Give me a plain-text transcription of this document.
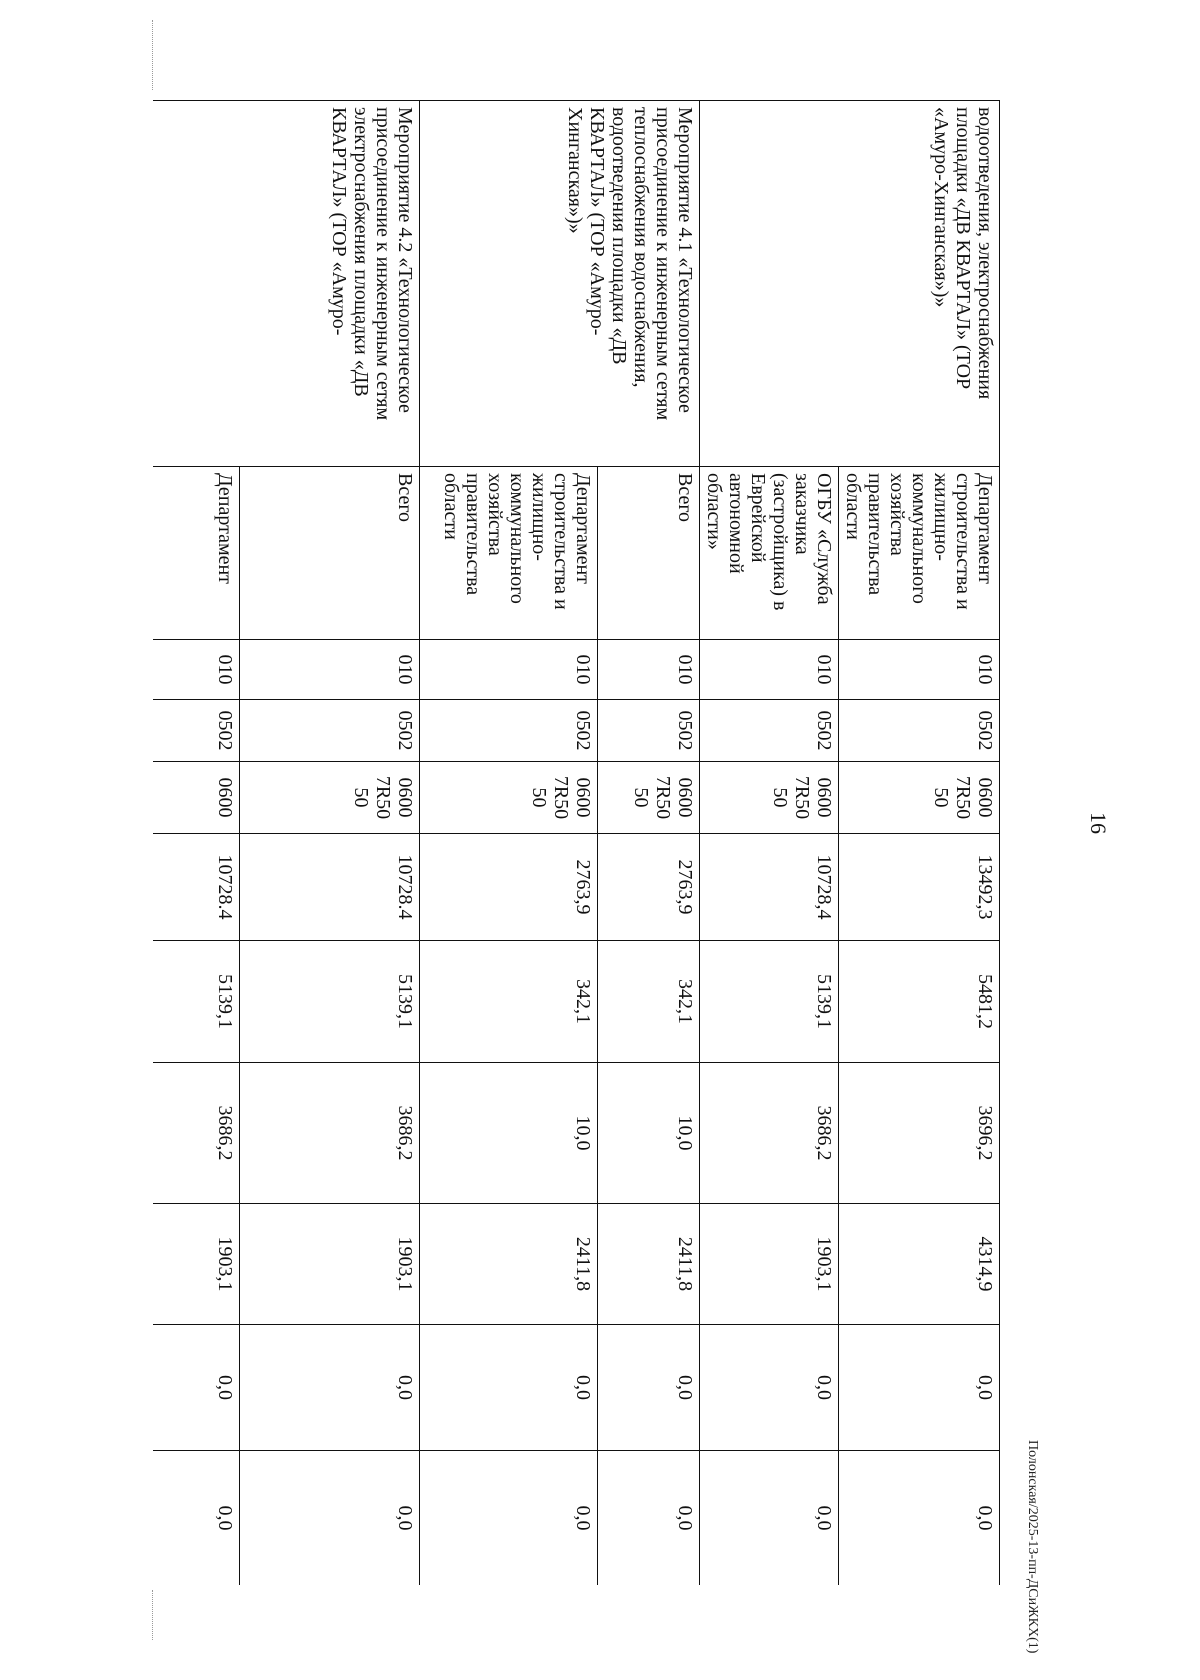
16
Полонская/2025-13-пп-ДСиЖКХ(1)
водоотведения, электроснабжения площадки «ДВ КВАРТАЛ» (ТОР «Амуро-Хинганская»)»	Департамент строительства и жилищно-коммунального хозяйства правительства области	010	0502	0600 7R50 50	13492,3	5481,2	3696,2	4314,9	0,0	0,0
	ОГБУ «Служба заказчика (застройщика) в Еврейской автономной области»	010	0502	0600 7R50 50	10728,4	5139,1	3686,2	1903,1	0,0	0,0
Мероприятие 4.1 «Технологическое присоединение к инженерным сетям теплоснабжения водоснабжения, водоотведения площадки «ДВ КВАРТАЛ» (ТОР «Амуро-Хинганская»)»	Всего	010	0502	0600 7R50 50	2763,9	342,1	10,0	2411,8	0,0	0,0
	Департамент строительства и жилищно-коммунального хозяйства правительства области	010	0502	0600 7R50 50	2763,9	342,1	10,0	2411,8	0,0	0,0
Мероприятие 4.2 «Технологическое присоединение к инженерным сетям электроснабжения площадки «ДВ КВАРТАЛ» (ТОР «Амуро-	Всего	010	0502	0600 7R50 50	10728.4	5139,1	3686,2	1903,1	0,0	0,0
	Департамент	010	0502	0600	10728.4	5139,1	3686,2	1903,1	0,0	0,0
